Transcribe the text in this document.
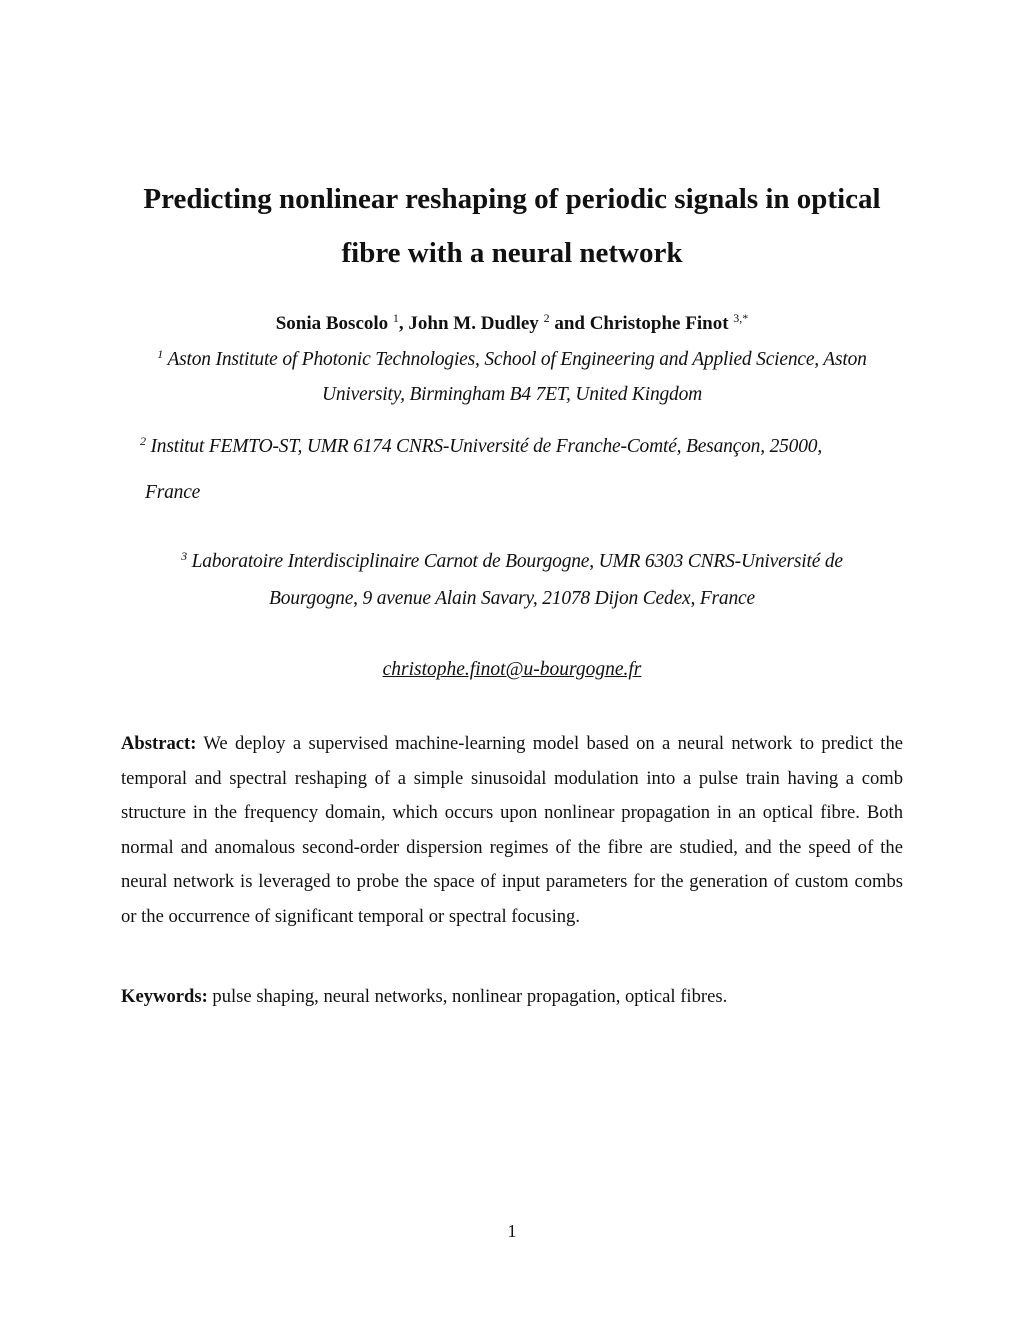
Predicting nonlinear reshaping of periodic signals in optical
fibre with a neural network
Sonia Boscolo $^1$, John M. Dudley $^2$ and Christophe Finot $^{3,*}$
$^1$ Aston Institute of Photonic Technologies, School of Engineering and Applied Science, Aston
University, Birmingham B4 7ET, United Kingdom
$^2$ Institut FEMTO-ST, UMR 6174 CNRS-Université de Franche-Comté, Besançon, 25000,
France
$^3$ Laboratoire Interdisciplinaire Carnot de Bourgogne, UMR 6303 CNRS-Université de
Bourgogne, 9 avenue Alain Savary, 21078 Dijon Cedex, France
christophe.finot@u-bourgogne.fr

Abstract: We deploy a supervised machine-learning model based on a neural network to predict the temporal and spectral reshaping of a simple sinusoidal modulation into a pulse train having a comb structure in the frequency domain, which occurs upon nonlinear propagation in an optical fibre. Both normal and anomalous second-order dispersion regimes of the fibre are studied, and the speed of the neural network is leveraged to probe the space of input parameters for the generation of custom combs or the occurrence of significant temporal or spectral focusing.

Keywords: pulse shaping, neural networks, nonlinear propagation, optical fibres.

1
